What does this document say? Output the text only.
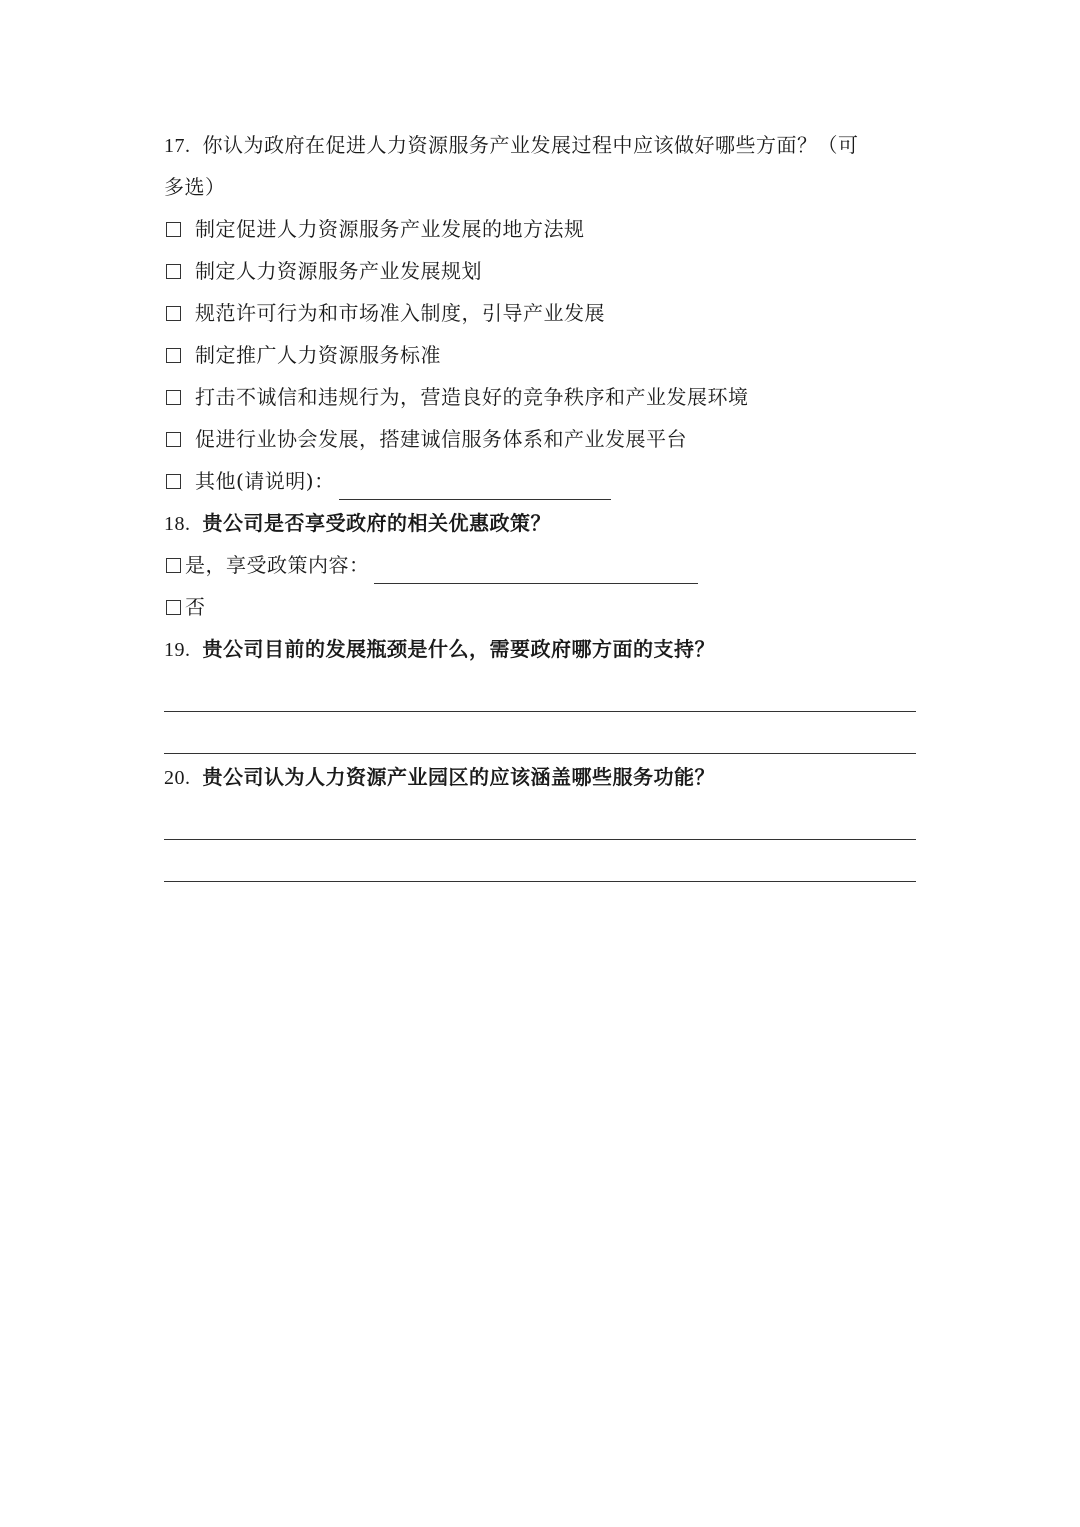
17. 你认为政府在促进人力资源服务产业发展过程中应该做好哪些方面？（可
多选）
制定促进人力资源服务产业发展的地方法规
制定人力资源服务产业发展规划
规范许可行为和市场准入制度，引导产业发展
制定推广人力资源服务标准
打击不诚信和违规行为，营造良好的竞争秩序和产业发展环境
促进行业协会发展，搭建诚信服务体系和产业发展平台
其他(请说明)：
18. 贵公司是否享受政府的相关优惠政策？
是，享受政策内容：
否
19. 贵公司目前的发展瓶颈是什么，需要政府哪方面的支持？
20. 贵公司认为人力资源产业园区的应该涵盖哪些服务功能？
